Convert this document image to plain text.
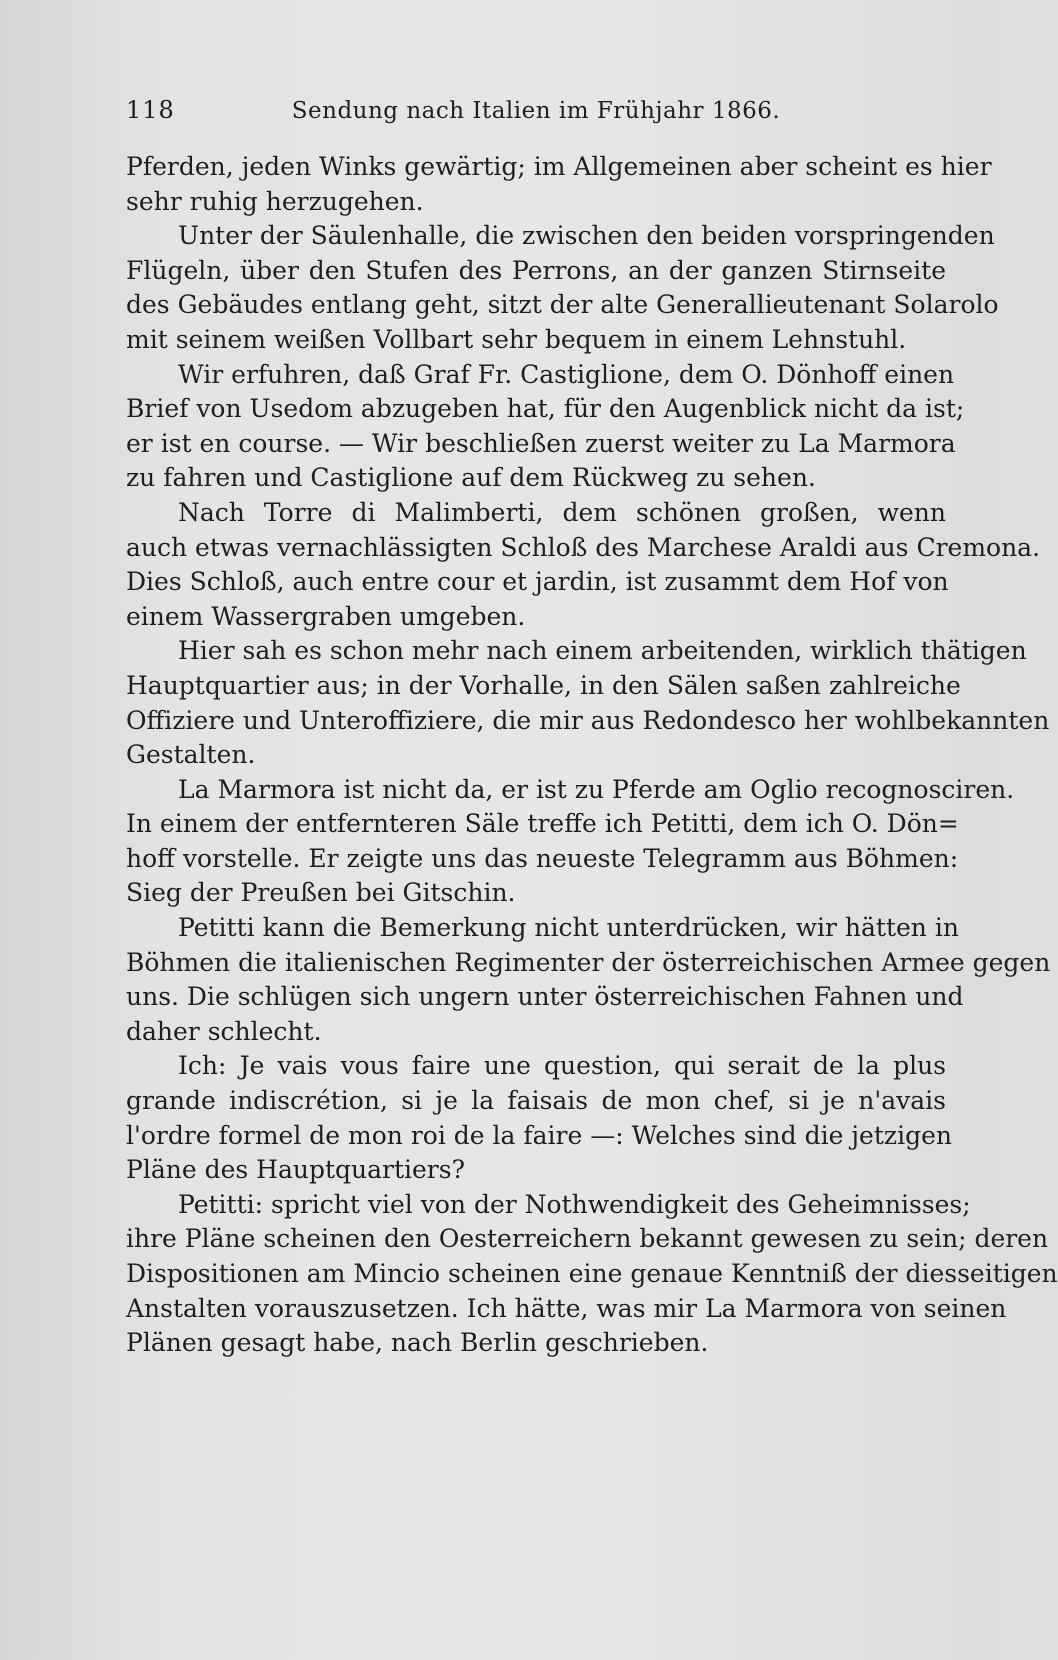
118	Sendung nach Italien im Frühjahr 1866.
Pferden, jeden Winks gewärtig; im Allgemeinen aber scheint es hier
sehr ruhig herzugehen.
Unter der Säulenhalle, die zwischen den beiden vorspringenden
Flügeln, über den Stufen des Perrons, an der ganzen Stirnseite
des Gebäudes entlang geht, sitzt der alte Generallieutenant Solarolo
mit seinem weißen Vollbart sehr bequem in einem Lehnstuhl.
Wir erfuhren, daß Graf Fr. Castiglione, dem O. Dönhoff einen
Brief von Usedom abzugeben hat, für den Augenblick nicht da ist;
er ist en course. — Wir beschließen zuerst weiter zu La Marmora
zu fahren und Castiglione auf dem Rückweg zu sehen.
Nach Torre di Malimberti, dem schönen großen, wenn
auch etwas vernachlässigten Schloß des Marchese Araldi aus Cremona.
Dies Schloß, auch entre cour et jardin, ist zusammt dem Hof von
einem Wassergraben umgeben.
Hier sah es schon mehr nach einem arbeitenden, wirklich thätigen
Hauptquartier aus; in der Vorhalle, in den Sälen saßen zahlreiche
Offiziere und Unteroffiziere, die mir aus Redondesco her wohlbekannten
Gestalten.
La Marmora ist nicht da, er ist zu Pferde am Oglio recognosciren.
In einem der entfernteren Säle treffe ich Petitti, dem ich O. Dön=
hoff vorstelle. Er zeigte uns das neueste Telegramm aus Böhmen:
Sieg der Preußen bei Gitschin.
Petitti kann die Bemerkung nicht unterdrücken, wir hätten in
Böhmen die italienischen Regimenter der österreichischen Armee gegen
uns. Die schlügen sich ungern unter österreichischen Fahnen und
daher schlecht.
Ich: Je vais vous faire une question, qui serait de la plus
grande indiscrétion, si je la faisais de mon chef, si je n'avais
l'ordre formel de mon roi de la faire —: Welches sind die jetzigen
Pläne des Hauptquartiers?
Petitti: spricht viel von der Nothwendigkeit des Geheimnisses;
ihre Pläne scheinen den Oesterreichern bekannt gewesen zu sein; deren
Dispositionen am Mincio scheinen eine genaue Kenntniß der diesseitigen
Anstalten vorauszusetzen. Ich hätte, was mir La Marmora von seinen
Plänen gesagt habe, nach Berlin geschrieben.
